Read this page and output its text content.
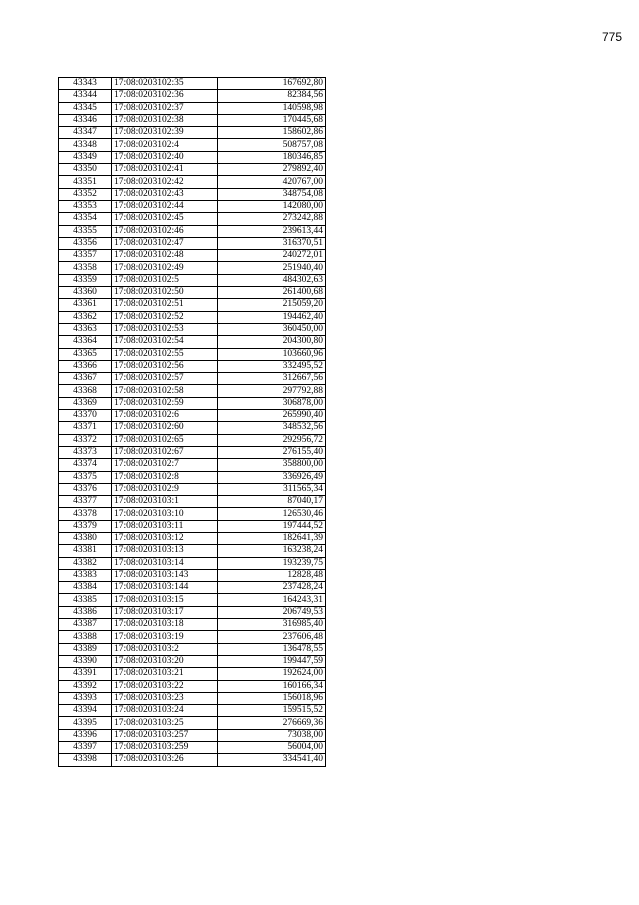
775
43343	17:08:0203102:35	167692,80
43344	17:08:0203102:36	82384,56
43345	17:08:0203102:37	140598,98
43346	17:08:0203102:38	170445,68
43347	17:08:0203102:39	158602,86
43348	17:08:0203102:4	508757,08
43349	17:08:0203102:40	180346,85
43350	17:08:0203102:41	279892,40
43351	17:08:0203102:42	420767,00
43352	17:08:0203102:43	348754,08
43353	17:08:0203102:44	142080,00
43354	17:08:0203102:45	273242,88
43355	17:08:0203102:46	239613,44
43356	17:08:0203102:47	316370,51
43357	17:08:0203102:48	240272,01
43358	17:08:0203102:49	251940,40
43359	17:08:0203102:5	484302,63
43360	17:08:0203102:50	261400,68
43361	17:08:0203102:51	215059,20
43362	17:08:0203102:52	194462,40
43363	17:08:0203102:53	360450,00
43364	17:08:0203102:54	204300,80
43365	17:08:0203102:55	103660,96
43366	17:08:0203102:56	332495,52
43367	17:08:0203102:57	312667,56
43368	17:08:0203102:58	297792,88
43369	17:08:0203102:59	306878,00
43370	17:08:0203102:6	265990,40
43371	17:08:0203102:60	348532,56
43372	17:08:0203102:65	292956,72
43373	17:08:0203102:67	276155,40
43374	17:08:0203102:7	358800,00
43375	17:08:0203102:8	336926,49
43376	17:08:0203102:9	311565,34
43377	17:08:0203103:1	87040,17
43378	17:08:0203103:10	126530,46
43379	17:08:0203103:11	197444,52
43380	17:08:0203103:12	182641,39
43381	17:08:0203103:13	163238,24
43382	17:08:0203103:14	193239,75
43383	17:08:0203103:143	12828,48
43384	17:08:0203103:144	237428,24
43385	17:08:0203103:15	164243,31
43386	17:08:0203103:17	206749,53
43387	17:08:0203103:18	316985,40
43388	17:08:0203103:19	237606,48
43389	17:08:0203103:2	136478,55
43390	17:08:0203103:20	199447,59
43391	17:08:0203103:21	192624,00
43392	17:08:0203103:22	160166,34
43393	17:08:0203103:23	156018,96
43394	17:08:0203103:24	159515,52
43395	17:08:0203103:25	276669,36
43396	17:08:0203103:257	73038,00
43397	17:08:0203103:259	56004,00
43398	17:08:0203103:26	334541,40
